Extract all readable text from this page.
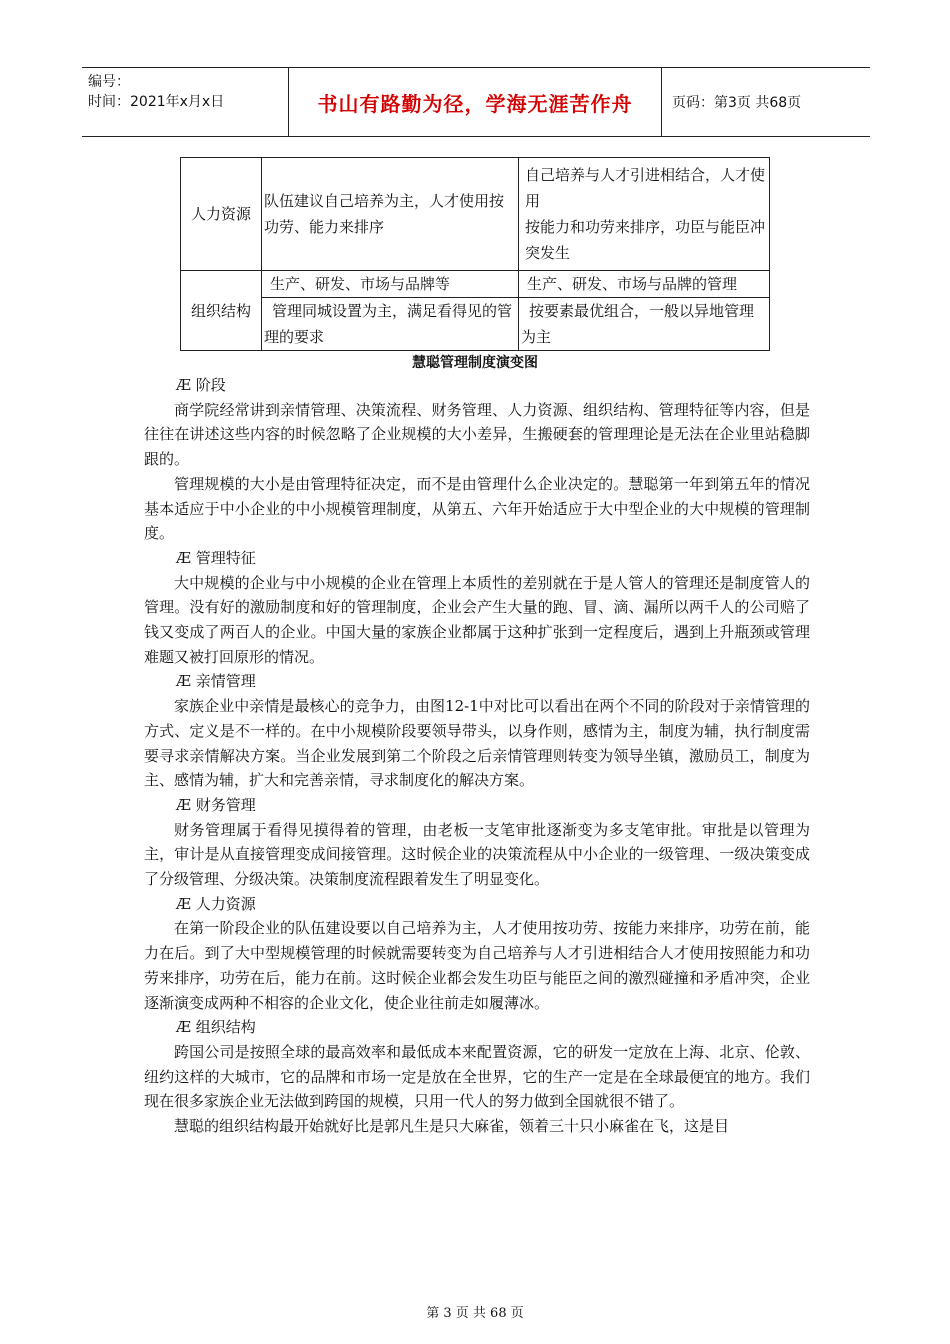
编号：
时间：2021年x月x日	书山有路勤为径，学海无涯苦作舟	页码：第3页 共68页
人力资源	队伍建议自己培养为主，人才使用按功劳、能力来排序	自己培养与人才引进相结合，人才使用
按能力和功劳来排序，功臣与能臣冲突发生

组织结构	生产、研发、市场与品牌等	生产、研发、市场与品牌的管理
	管理同城设置为主，满足看得见的管理的要求	按要素最优组合，一般以异地管理为主
慧聪管理制度演变图
Æ 阶段

商学院经常讲到亲情管理、决策流程、财务管理、人力资源、组织结构、管理特征等内容，但是往往在讲述这些内容的时候忽略了企业规模的大小差异，生搬硬套的管理理论是无法在企业里站稳脚跟的。

管理规模的大小是由管理特征决定，而不是由管理什么企业决定的。慧聪第一年到第五年的情况基本适应于中小企业的中小规模管理制度，从第五、六年开始适应于大中型企业的大中规模的管理制度。

Æ 管理特征

大中规模的企业与中小规模的企业在管理上本质性的差别就在于是人管人的管理还是制度管人的管理。没有好的激励制度和好的管理制度，企业会产生大量的跑、冒、滴、漏所以两千人的公司赔了钱又变成了两百人的企业。中国大量的家族企业都属于这种扩张到一定程度后，遇到上升瓶颈或管理难题又被打回原形的情况。

Æ 亲情管理

家族企业中亲情是最核心的竞争力，由图12-1中对比可以看出在两个不同的阶段对于亲情管理的方式、定义是不一样的。在中小规模阶段要领导带头，以身作则，感情为主，制度为辅，执行制度需要寻求亲情解决方案。当企业发展到第二个阶段之后亲情管理则转变为领导坐镇，激励员工，制度为主、感情为辅，扩大和完善亲情，寻求制度化的解决方案。

Æ 财务管理

财务管理属于看得见摸得着的管理，由老板一支笔审批逐渐变为多支笔审批。审批是以管理为主，审计是从直接管理变成间接管理。这时候企业的决策流程从中小企业的一级管理、一级决策变成了分级管理、分级决策。决策制度流程跟着发生了明显变化。

Æ 人力资源

在第一阶段企业的队伍建设要以自己培养为主，人才使用按功劳、按能力来排序，功劳在前，能力在后。到了大中型规模管理的时候就需要转变为自己培养与人才引进相结合人才使用按照能力和功劳来排序，功劳在后，能力在前。这时候企业都会发生功臣与能臣之间的激烈碰撞和矛盾冲突，企业逐渐演变成两种不相容的企业文化，使企业往前走如履薄冰。

Æ 组织结构

跨国公司是按照全球的最高效率和最低成本来配置资源，它的研发一定放在上海、北京、伦敦、纽约这样的大城市，它的品牌和市场一定是放在全世界，它的生产一定是在全球最便宜的地方。我们现在很多家族企业无法做到跨国的规模，只用一代人的努力做到全国就很不错了。

慧聪的组织结构最开始就好比是郭凡生是只大麻雀，领着三十只小麻雀在飞，这是目

第 3 页 共 68 页
